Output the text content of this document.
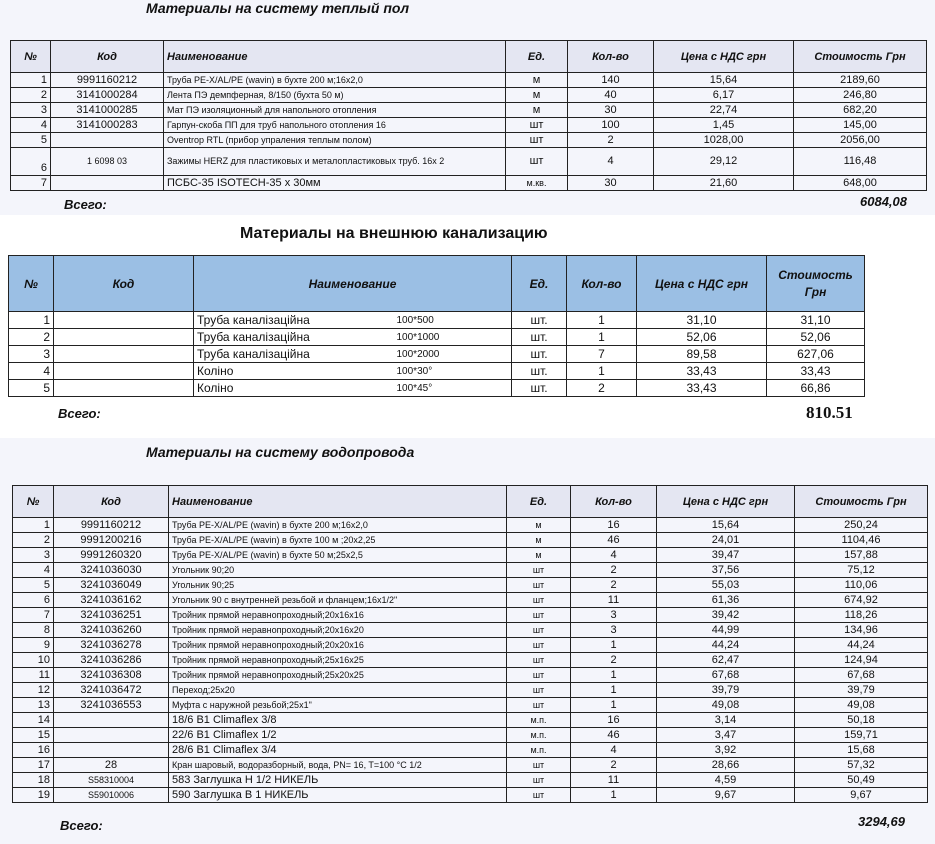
Материалы на систему теплый пол
№	Код	Наименование	Ед.	Кол-во	Цена с НДС грн	Стоимость Грн
1	9991160212	Труба PE-X/AL/PE (wavin) в бухте 200 м;16х2,0	м	140	15,64	2189,60
2	3141000284	Лента ПЭ демпферная, 8/150 (бухта 50 м)	м	40	6,17	246,80
3	3141000285	Мат ПЭ изоляционный для напольного отопления	м	30	22,74	682,20
4	3141000283	Гарпун-скоба ПП для труб напольного отопления 16	шт	100	1,45	145,00
5		Oventrop RTL (прибор упраления теплым полом)	шт	2	1028,00	2056,00
6	1 6098 03	Зажимы HERZ для пластиковых и металопластиковых труб. 16х 2	шт	4	29,12	116,48
7		ПСБС-35 ISOTECH-35 x 30мм	м.кв.	30	21,60	648,00
Всего:	6084,08
Материалы на внешнюю канализацию
№	Код	Наименование		Ед.	Кол-во	Цена с НДС грн	Стоимость Грн
1		Труба каналізаційна	100*500	шт.	1	31,10	31,10
2		Труба каналізаційна	100*1000	шт.	1	52,06	52,06
3		Труба каналізаційна	100*2000	шт.	7	89,58	627,06
4		Коліно	100*30°	шт.	1	33,43	33,43
5		Коліно	100*45°	шт.	2	33,43	66,86
Всего:	810.51
Материалы на систему водопровода
№	Код	Наименование	Ед.	Кол-во	Цена с НДС грн	Стоимость Грн
1	9991160212	Труба PE-X/AL/PE (wavin) в бухте 200 м;16х2,0	м	16	15,64	250,24
2	9991200216	Труба PE-X/AL/PE (wavin) в бухте 100 м ;20х2,25	м	46	24,01	1104,46
3	9991260320	Труба PE-X/AL/PE (wavin) в бухте 50 м;25х2,5	м	4	39,47	157,88
4	3241036030	Угольник 90;20	шт	2	37,56	75,12
5	3241036049	Угольник 90;25	шт	2	55,03	110,06
6	3241036162	Угольник 90 с внутренней резьбой и фланцем;16х1/2"	шт	11	61,36	674,92
7	3241036251	Тройник прямой неравнопроходный;20х16х16	шт	3	39,42	118,26
8	3241036260	Тройник прямой неравнопроходный;20х16х20	шт	3	44,99	134,96
9	3241036278	Тройник прямой неравнопроходный;20х20х16	шт	1	44,24	44,24
10	3241036286	Тройник прямой неравнопроходный;25х16х25	шт	2	62,47	124,94
11	3241036308	Тройник прямой неравнопроходный;25х20х25	шт	1	67,68	67,68
12	3241036472	Переход;25х20	шт	1	39,79	39,79
13	3241036553	Муфта с наружной резьбой;25х1"	шт	1	49,08	49,08
14		18/6 B1 Climaflex 3/8	м.п.	16	3,14	50,18
15		22/6 B1 Climaflex 1/2	м.п.	46	3,47	159,71
16		28/6 B1 Climaflex 3/4	м.п.	4	3,92	15,68
17	28	Кран шаровый, водоразборный, вода, PN= 16, T=100 °С 1/2	шт	2	28,66	57,32
18	S58310004	583 Заглушка Н 1/2 НИКЕЛЬ	шт	11	4,59	50,49
19	S59010006	590 Заглушка В 1 НИКЕЛЬ	шт	1	9,67	9,67
Всего:	3294,69
